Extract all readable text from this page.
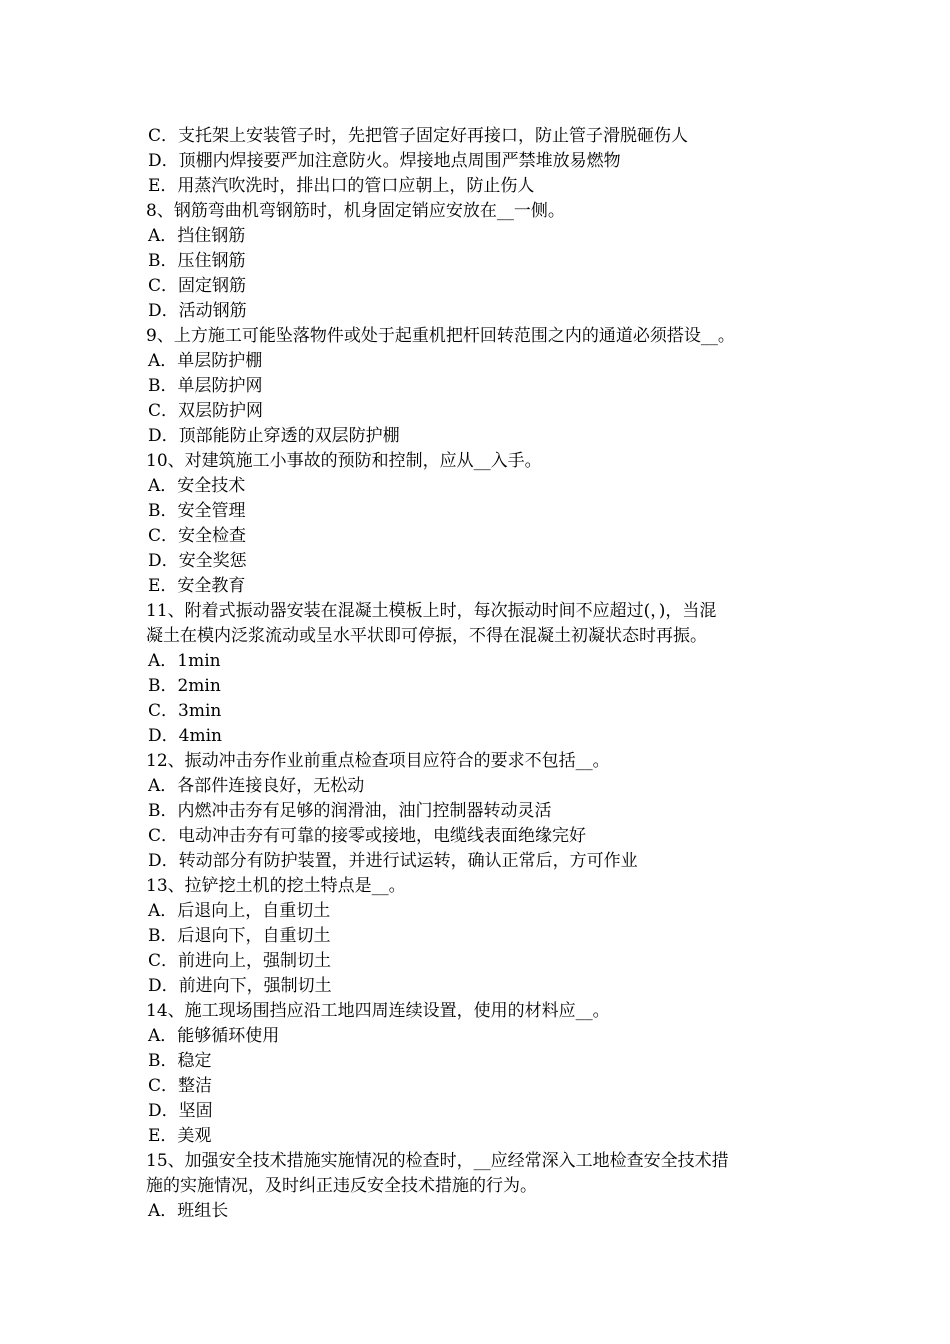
C．支托架上安装管子时，先把管子固定好再接口，防止管子滑脱砸伤人
D．顶棚内焊接要严加注意防火。焊接地点周围严禁堆放易燃物
E．用蒸汽吹洗时，排出口的管口应朝上，防止伤人
8、钢筋弯曲机弯钢筋时，机身固定销应安放在__一侧。
A．挡住钢筋
B．压住钢筋
C．固定钢筋
D．活动钢筋
9、上方施工可能坠落物件或处于起重机把杆回转范围之内的通道必须搭设__。
A．单层防护棚
B．单层防护网
C．双层防护网
D．顶部能防止穿透的双层防护棚
10、对建筑施工小事故的预防和控制，应从__入手。
A．安全技术
B．安全管理
C．安全检查
D．安全奖惩
E．安全教育
11、附着式振动器安装在混凝土模板上时，每次振动时间不应超过(，)，当混
凝土在模内泛浆流动或呈水平状即可停振，不得在混凝土初凝状态时再振。
A．1min
B．2min
C．3min
D．4min
12、振动冲击夯作业前重点检查项目应符合的要求不包括__。
A．各部件连接良好，无松动
B．内燃冲击夯有足够的润滑油，油门控制器转动灵活
C．电动冲击夯有可靠的接零或接地，电缆线表面绝缘完好
D．转动部分有防护装置，并进行试运转，确认正常后，方可作业
13、拉铲挖土机的挖土特点是__。
A．后退向上，自重切土
B．后退向下，自重切土
C．前进向上，强制切土
D．前进向下，强制切土
14、施工现场围挡应沿工地四周连续设置，使用的材料应__。
A．能够循环使用
B．稳定
C．整洁
D．坚固
E．美观
15、加强安全技术措施实施情况的检查时，__应经常深入工地检查安全技术措
施的实施情况，及时纠正违反安全技术措施的行为。
A．班组长
